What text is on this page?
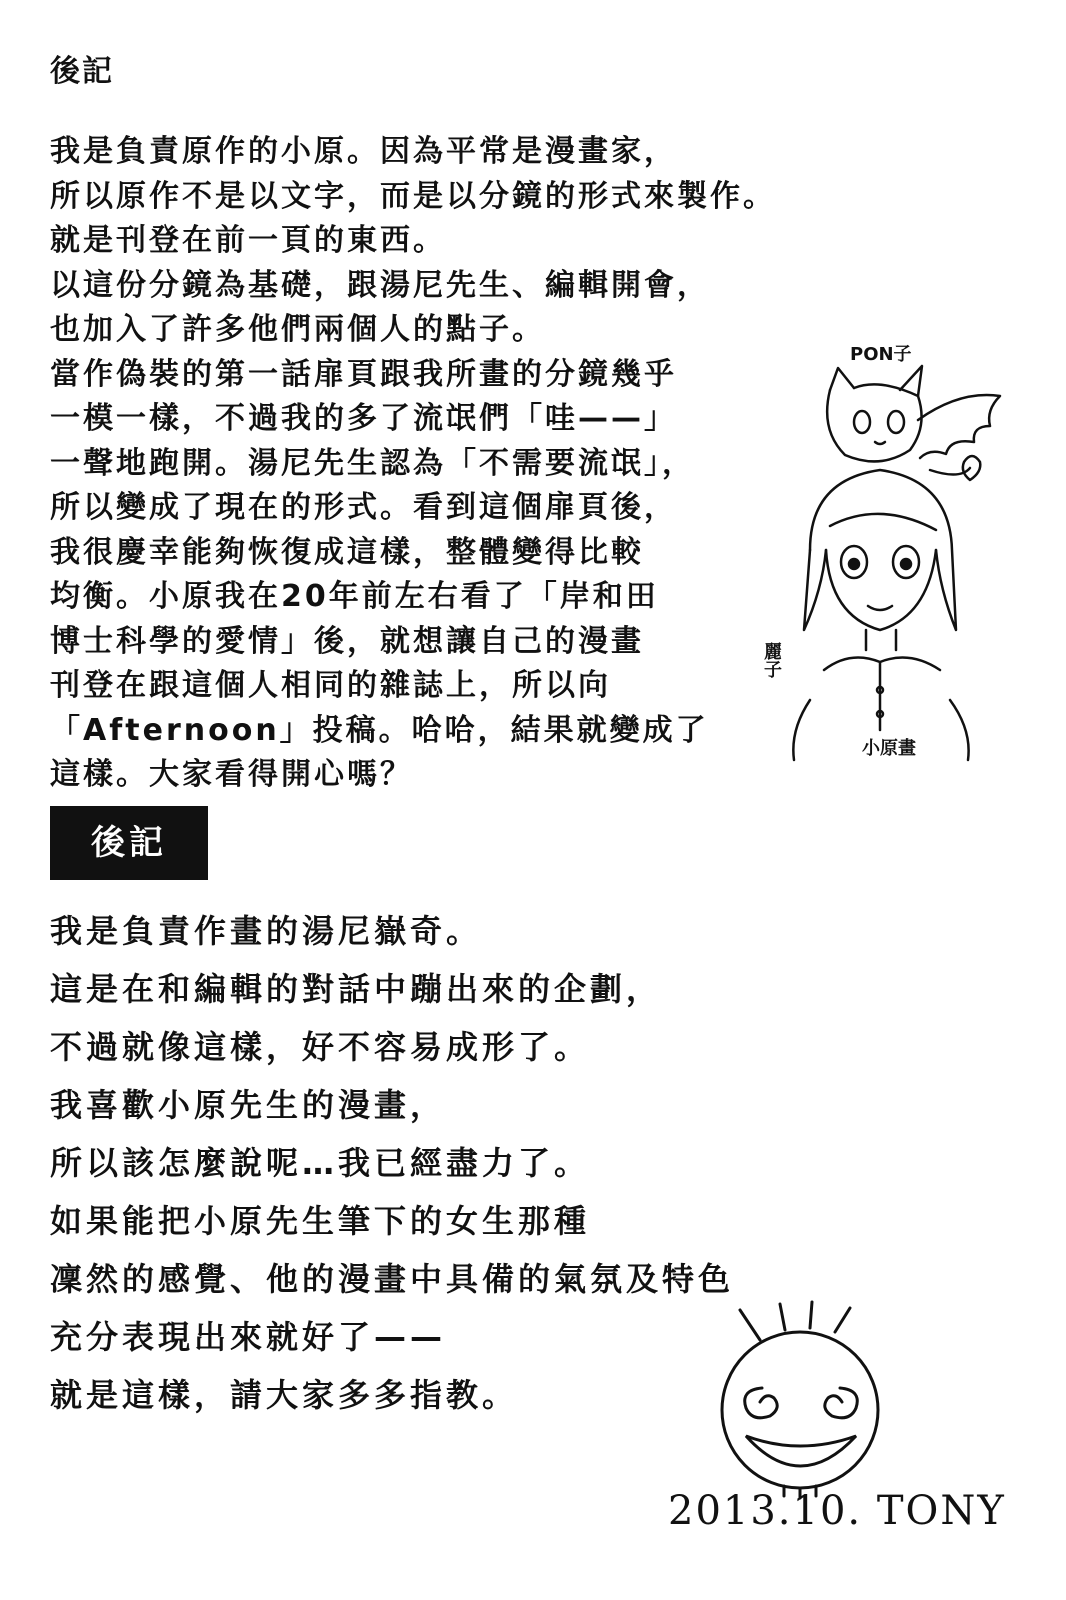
後記
我是負責原作的小原。因為平常是漫畫家，
所以原作不是以文字，而是以分鏡的形式來製作。
就是刊登在前一頁的東西。
以這份分鏡為基礎，跟湯尼先生、編輯開會，
也加入了許多他們兩個人的點子。
當作偽裝的第一話扉頁跟我所畫的分鏡幾乎
一模一樣，不過我的多了流氓們「哇——」
一聲地跑開。湯尼先生認為「不需要流氓」，
所以變成了現在的形式。看到這個扉頁後，
我很慶幸能夠恢復成這樣，整體變得比較
均衡。小原我在20年前左右看了「岸和田
博士科學的愛情」後，就想讓自己的漫畫
刊登在跟這個人相同的雜誌上，所以向
「Afternoon」投稿。哈哈，結果就變成了
這樣。大家看得開心嗎？
PON子
麗子
小原畫
後記
我是負責作畫的湯尼嶽奇。
這是在和編輯的對話中蹦出來的企劃，
不過就像這樣，好不容易成形了。
我喜歡小原先生的漫畫，
所以該怎麼說呢…我已經盡力了。
如果能把小原先生筆下的女生那種
凜然的感覺、他的漫畫中具備的氣氛及特色
充分表現出來就好了——
就是這樣，請大家多多指教。
2013.10. TONY
